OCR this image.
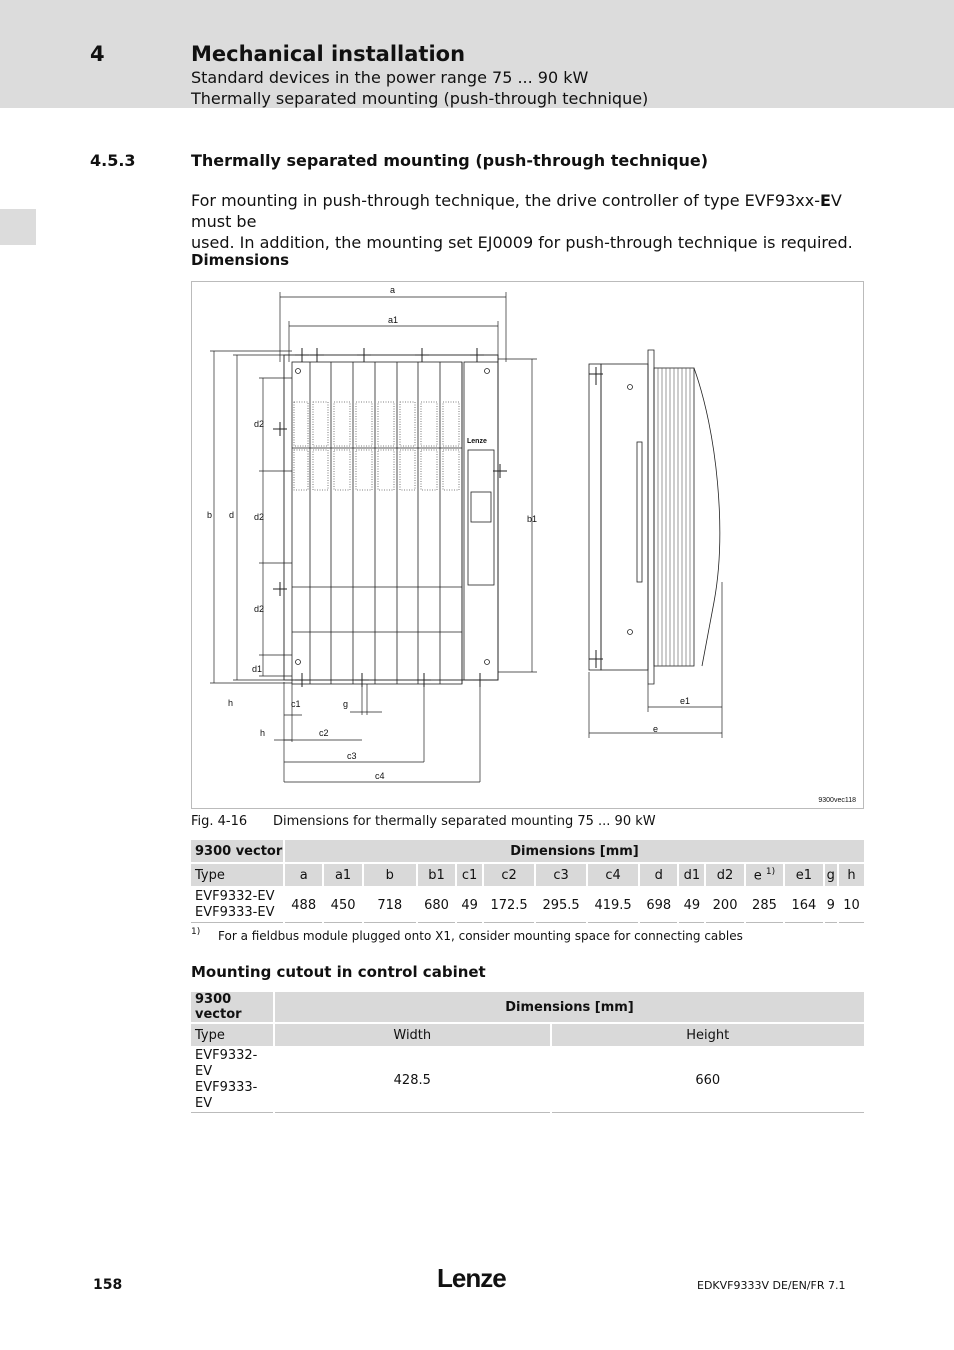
4	Mechanical installation
Standard devices in the power range 75 ... 90 kW
Thermally separated mounting (push-through technique)
4.5.3	Thermally separated mounting (push-through technique)
For mounting in push-through technique, the drive controller of type EVF93xx-EV must be
used. In addition, the mounting set EJ0009 for push-through technique is required.
Dimensions
Lenze
a
a1
b	b1
d
d1
d2
d2
d2
h
h
c1
c2
c3
c4
g
e
e1
9300vec118
Fig. 4-16 Dimensions for thermally separated mounting 75 ... 90 kW
9300 vector	Dimensions [mm]														
Type	a	a1	b	b1	c1	c2	c3	c4	d	d1	d2	e $^{1)}$	e1	g	h
EVF9332-EV
EVF9333-EV	488	450	718	680	49	172.5	295.5	419.5	698	49	200	285	164	9	10
1) For a fieldbus module plugged onto X1, consider mounting space for connecting cables
Mounting cutout in control cabinet
9300 vector	Dimensions [mm]	
Type	Width	Height
EVF9332-EV
EVF9333-EV	428.5	660
158	Lenze	EDKVF9333V DE/EN/FR 7.1
